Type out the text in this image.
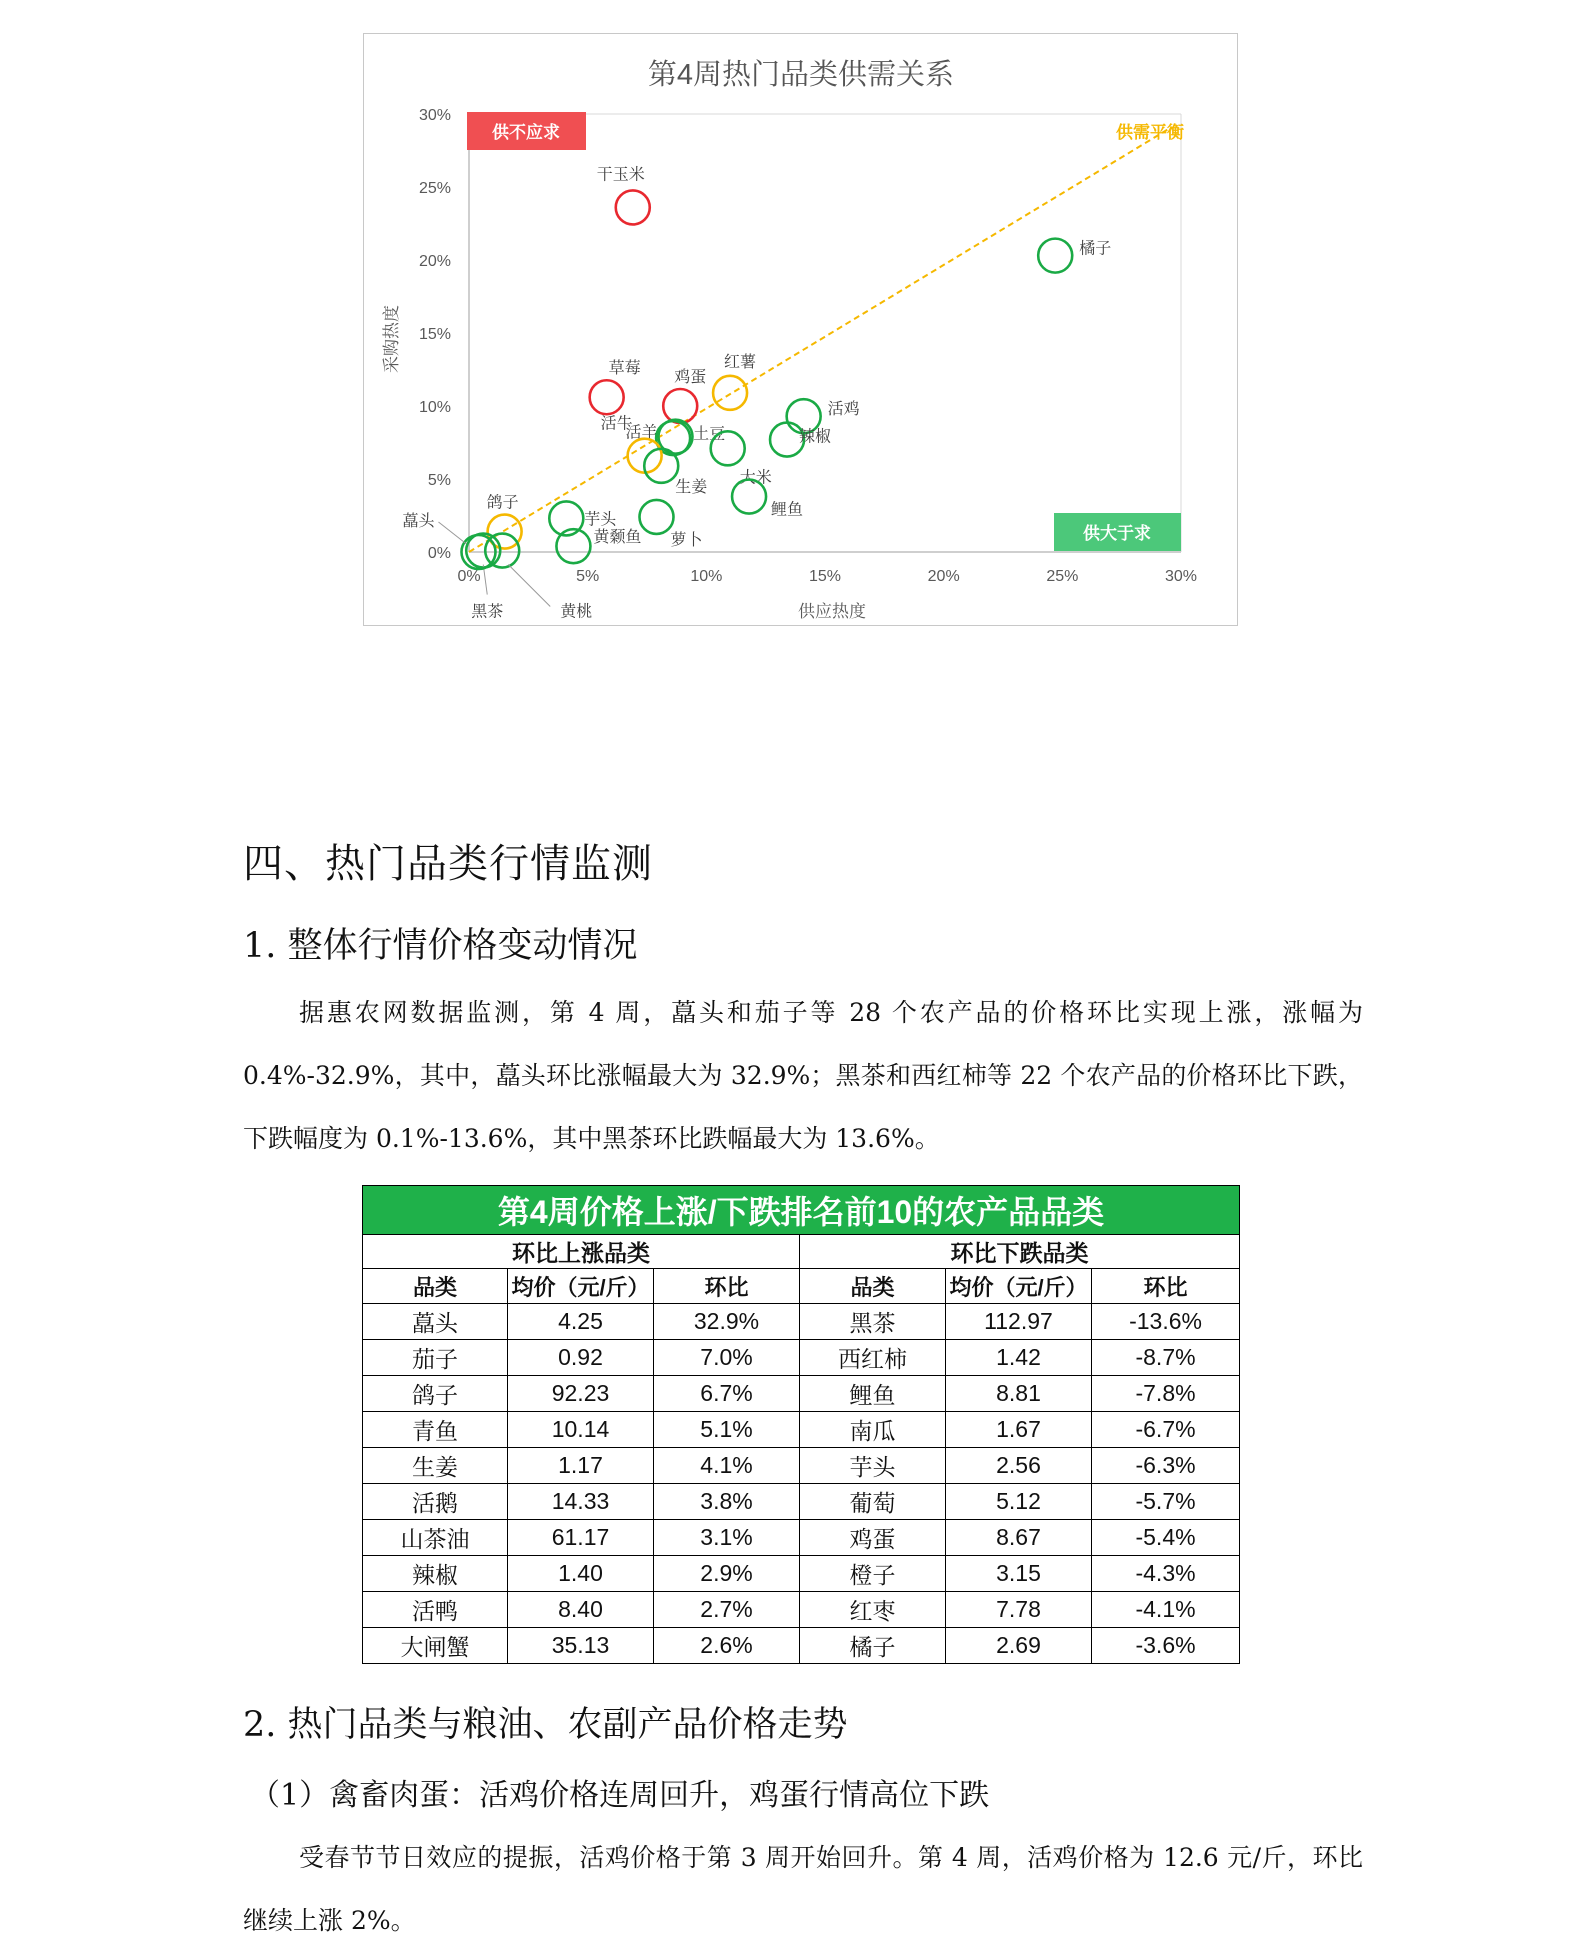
第4周热门品类供需关系
0%	5%	10%	15%	20%	25%	30%
0%
5%
10%
15%
20%
25%
30%
供应热度
采购热度
供不应求
供大于求
供需平衡
干玉米
橘子
草莓
鸡蛋
红薯
活鸡
活羊 土豆	辣椒
大米
活牛
生姜
鲤鱼
芋头
萝卜
鸽子
黄颡鱼
黑茶	黄桃
藠头
四、热门品类行情监测
1. 整体行情价格变动情况
据惠农网数据监测，第 4 周，藠头和茄子等 28 个农产品的价格环比实现上涨，涨幅为 0.4%-32.9%，其中，藠头环比涨幅最大为 32.9%；黑茶和西红柿等 22 个农产品的价格环比下跌，下跌幅度为 0.1%-13.6%，其中黑茶环比跌幅最大为 13.6%。
第4周价格上涨/下跌排名前10的农产品品类					
环比上涨品类			环比下跌品类		
品类	均价（元/斤）	环比	品类	均价（元/斤）	环比
藠头	4.25	32.9%	黑茶	112.97	-13.6%
茄子	0.92	7.0%	西红柿	1.42	-8.7%
鸽子	92.23	6.7%	鲤鱼	8.81	-7.8%
青鱼	10.14	5.1%	南瓜	1.67	-6.7%
生姜	1.17	4.1%	芋头	2.56	-6.3%
活鹅	14.33	3.8%	葡萄	5.12	-5.7%
山茶油	61.17	3.1%	鸡蛋	8.67	-5.4%
辣椒	1.40	2.9%	橙子	3.15	-4.3%
活鸭	8.40	2.7%	红枣	7.78	-4.1%
大闸蟹	35.13	2.6%	橘子	2.69	-3.6%
2. 热门品类与粮油、农副产品价格走势
（1）禽畜肉蛋：活鸡价格连周回升，鸡蛋行情高位下跌
受春节节日效应的提振，活鸡价格于第 3 周开始回升。第 4 周，活鸡价格为 12.6 元/斤，环比继续上涨 2%。
